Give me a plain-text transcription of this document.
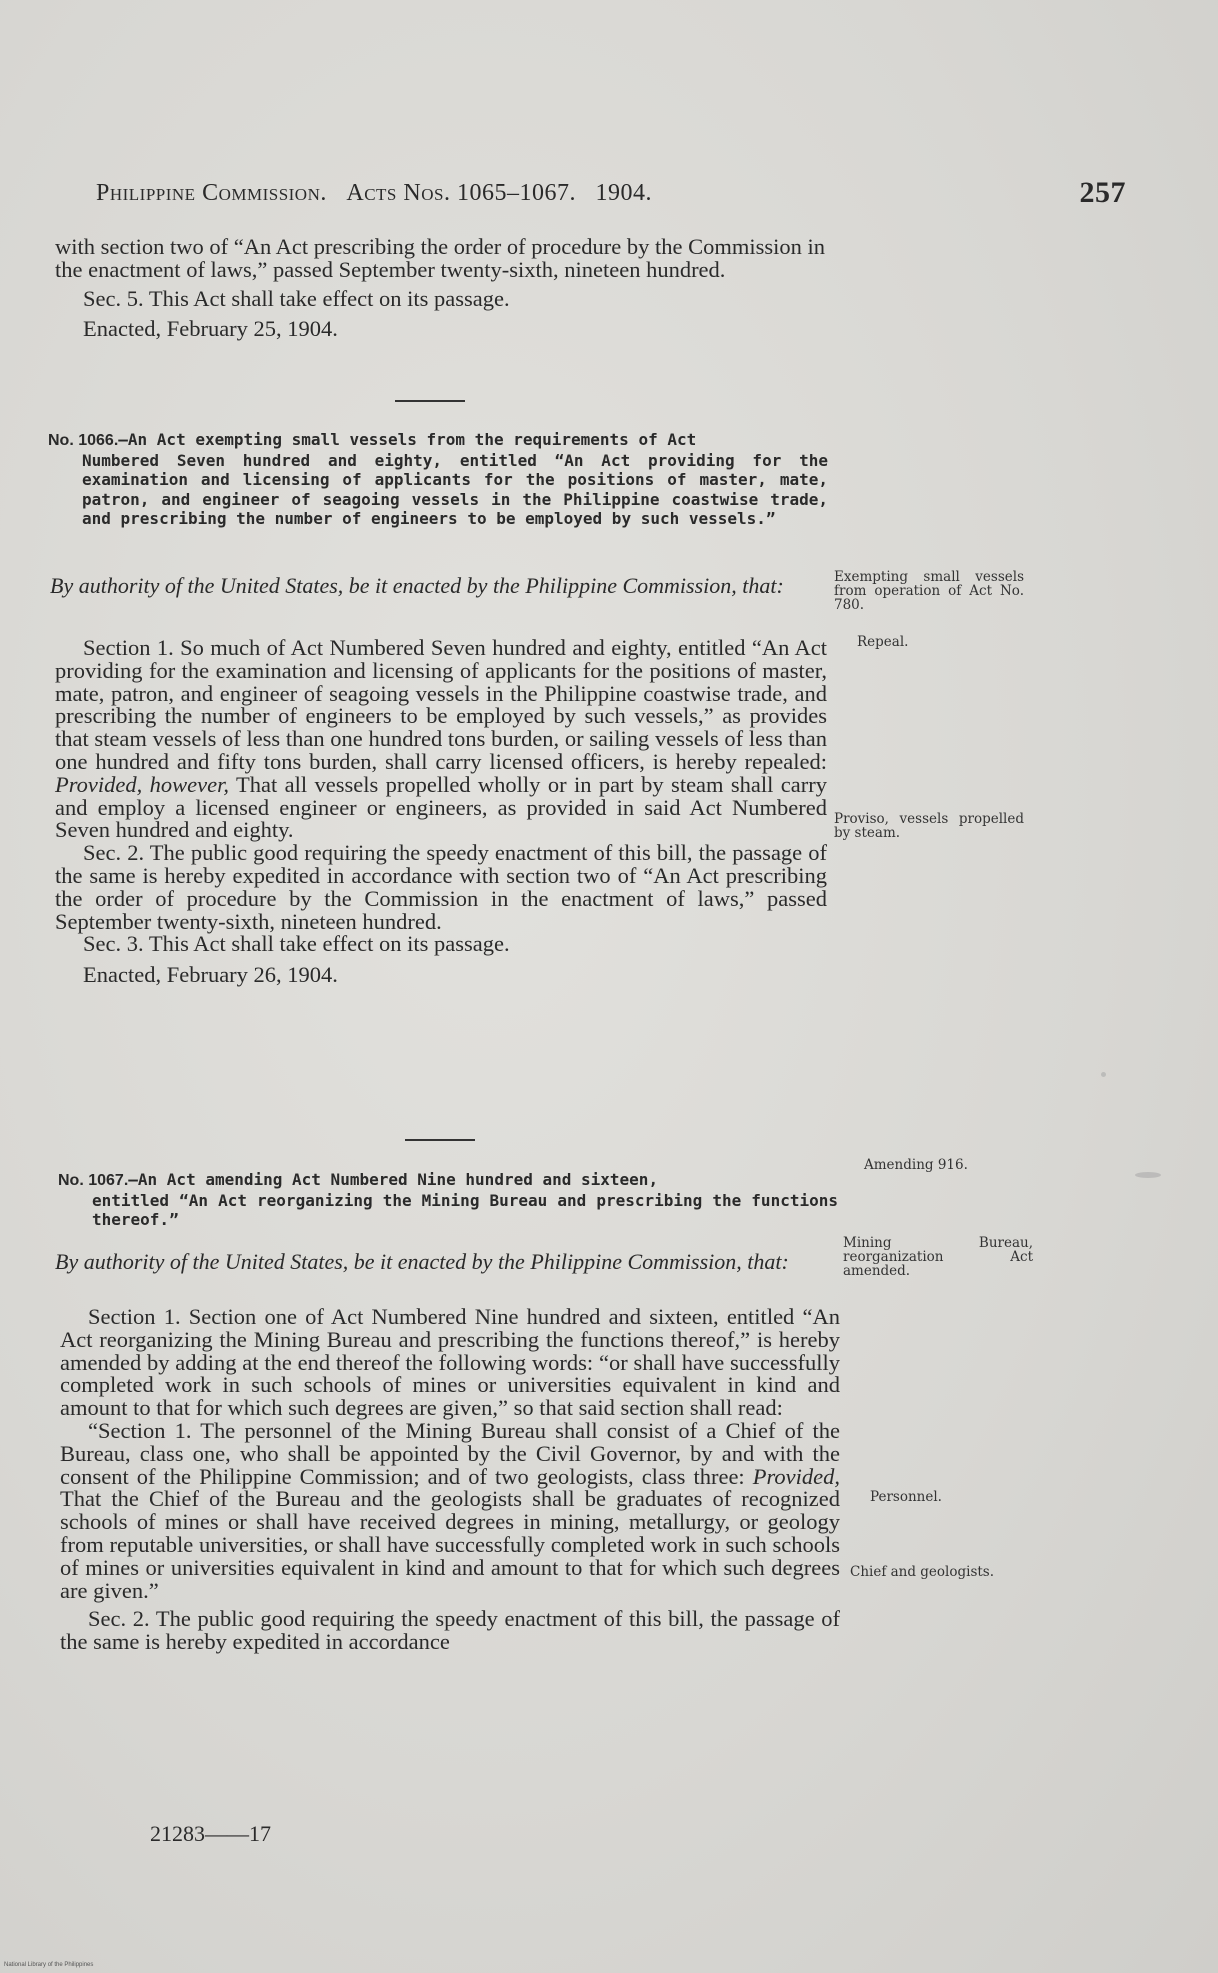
Philippine Commission. Acts Nos. 1065–1067. 1904.	257

with section two of “An Act prescribing the order of procedure by the Commission in the enactment of laws,” passed September twenty-sixth, nineteen hundred.

Sec. 5. This Act shall take effect on its passage.

Enacted, February 25, 1904.

No. 1066.—An Act exempting small vessels from the requirements of Act
Numbered Seven hundred and eighty, entitled “An Act providing for the examination and licensing of applicants for the positions of master, mate, patron, and engineer of seagoing vessels in the Philippine coastwise trade, and prescribing the number of engineers to be employed by such vessels.”

By authority of the United States, be it enacted by the Philippine Commission, that:	Exempting small vessels from operation of Act No. 780.
Repeal.
Proviso, vessels propelled by steam.

Section 1. So much of Act Numbered Seven hundred and eighty, entitled “An Act providing for the examination and licensing of applicants for the positions of master, mate, patron, and engineer of seagoing vessels in the Philippine coastwise trade, and prescribing the number of engineers to be employed by such vessels,” as provides that steam vessels of less than one hundred tons burden, or sailing vessels of less than one hundred and fifty tons burden, shall carry licensed officers, is hereby repealed: Provided, however, That all vessels propelled wholly or in part by steam shall carry and employ a licensed engineer or engineers, as provided in said Act Numbered Seven hundred and eighty.

Sec. 2. The public good requiring the speedy enactment of this bill, the passage of the same is hereby expedited in accordance with section two of “An Act prescribing the order of procedure by the Commission in the enactment of laws,” passed September twenty-sixth, nineteen hundred.

Sec. 3. This Act shall take effect on its passage.

Enacted, February 26, 1904.

Amending 916.
No. 1067.—An Act amending Act Numbered Nine hundred and sixteen,
entitled “An Act reorganizing the Mining Bureau and prescribing the functions thereof.”

By authority of the United States, be it enacted by the Philippine Commission, that:

Mining Bureau, reorganization Act amended.
Personnel.
Chief and geologists.

Section 1. Section one of Act Numbered Nine hundred and sixteen, entitled “An Act reorganizing the Mining Bureau and prescribing the functions thereof,” is hereby amended by adding at the end thereof the following words: “or shall have successfully completed work in such schools of mines or universities equivalent in kind and amount to that for which such degrees are given,” so that said section shall read:

“Section 1. The personnel of the Mining Bureau shall consist of a Chief of the Bureau, class one, who shall be appointed by the Civil Governor, by and with the consent of the Philippine Commission; and of two geologists, class three: Provided, That the Chief of the Bureau and the geologists shall be graduates of recognized schools of mines or shall have received degrees in mining, metallurgy, or geology from reputable universities, or shall have successfully completed work in such schools of mines or universities equivalent in kind and amount to that for which such degrees are given.”

Sec. 2. The public good requiring the speedy enactment of this bill, the passage of the same is hereby expedited in accordance

21283——17
National Library of the Philippines
